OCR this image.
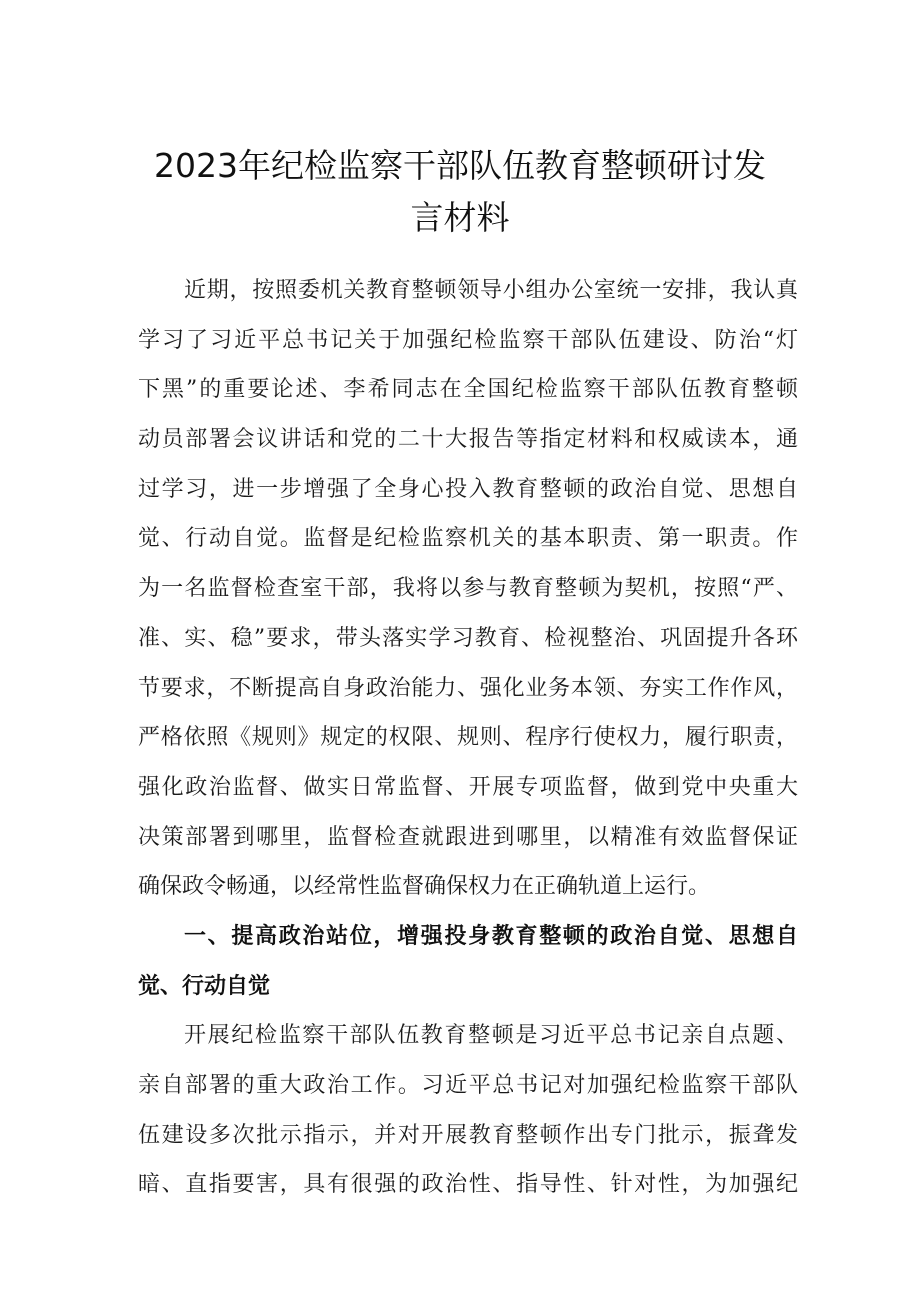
2023年纪检监察干部队伍教育整顿研讨发
言材料
近期，按照委机关教育整顿领导小组办公室统一安排，我认真
学习了习近平总书记关于加强纪检监察干部队伍建设、防治“灯
下黑”的重要论述、李希同志在全国纪检监察干部队伍教育整顿
动员部署会议讲话和党的二十大报告等指定材料和权威读本，通
过学习，进一步增强了全身心投入教育整顿的政治自觉、思想自
觉、行动自觉。监督是纪检监察机关的基本职责、第一职责。作
为一名监督检查室干部，我将以参与教育整顿为契机，按照“严、
准、实、稳”要求，带头落实学习教育、检视整治、巩固提升各环
节要求，不断提高自身政治能力、强化业务本领、夯实工作作风，
严格依照《规则》规定的权限、规则、程序行使权力，履行职责，
强化政治监督、做实日常监督、开展专项监督，做到党中央重大
决策部署到哪里，监督检查就跟进到哪里，以精准有效监督保证
确保政令畅通，以经常性监督确保权力在正确轨道上运行。
一、提高政治站位，增强投身教育整顿的政治自觉、思想自
觉、行动自觉
开展纪检监察干部队伍教育整顿是习近平总书记亲自点题、
亲自部署的重大政治工作。习近平总书记对加强纪检监察干部队
伍建设多次批示指示，并对开展教育整顿作出专门批示，振聋发
暗、直指要害，具有很强的政治性、指导性、针对性，为加强纪
